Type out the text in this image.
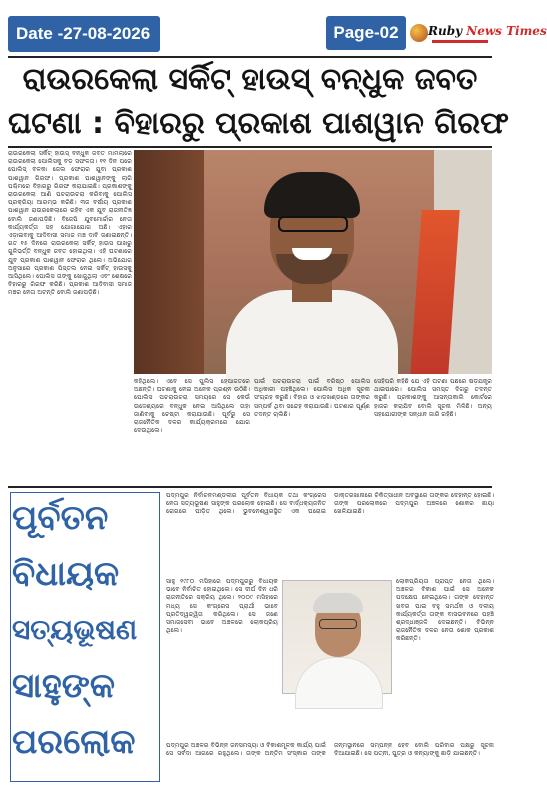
Date -27-08-2026	Page-02	Ruby News Times
ରାଉରକେଲା ସର୍କିଟ୍ ହାଉସ୍ ବନ୍ଧୁକ ଜବତ
ଘଟଣା : ବିହାରରୁ ପ୍ରକାଶ ପାଶୱାନ ଗିରଫ
ରାଉରକେଲା ସର୍କିଟ୍ ହାଉସ୍ ବନ୍ଧୁକ ଜବତ ମାମଲାରେ ରାଉରକେଲା ପୋଲିସକୁ ବଡ଼ ସଫଳତା। ୧୧ ଦିନ ପରେ ପୋଲିସ୍ ବଳକା ଜେଲ ଫେରାର ଯୁବା ପ୍ରକାଶ ପାଶୱାନ ଗିରଫ। ପ୍ରକାଶ ପାଶୱାନଙ୍କୁ ଲାଗି ପଶ୍ଚିମରେ ବିହାରରୁ ଗିରଫ କରାଯାଇଛି। ପ୍ରକାଶଙ୍କୁ ରାଉରକେଲା ଆଣି ପଚରାଉଚରା କରିବାକୁ ପୋଲିସ ପ୍ରକ୍ରିୟା ଆରମ୍ଭ କରିଛି। ୩ଜ ବର୍ଷୀୟ ପ୍ରକାଶ ପାଶୱାନ ରାଉରକେଲାରେ ରହିବ ଏକ ଯୁବ ରାଜନୀତିଜ୍ଞ ବୋଲି ଜଣାପଡ଼ିଛି। ବିଜେପି ଯୁବମୋର୍ଚ୍ଚାର ନେତା କାର୍ଯ୍ୟକର୍ତ୍ତା ସହ ଯୋଗାଯୋଗ ଅଛି। ଏହାର ଏଡ଼ାଇବାକୁ ଆଦିବାସୀ ସମାଜ ମଞ୍ଚ ଦାବି ଜଣାଇଛନ୍ତି। ଗତ ୧୫ ଦିନରେ ରାଉରକେଲା ସର୍କିଟ୍ ହାଉସ ପାଖରୁ ଗୁଳିଭର୍ତ୍ତି ବନ୍ଧୁକ ଜବତ ହୋଇଥିଲା। ଏହି ଘଟଣାରେ ଯୁବ ପ୍ରକାଶ ପାଶୱାନ ଫେରାର ଥିଲେ। ଅଭିଯୋଗ ଅନୁସାରେ ପ୍ରକାଶ ପିସ୍ତଲ ନେଇ ସର୍କିଟ୍ ହାଉସକୁ ଆସିଥିଲେ। ପୋଲିସ ତାଙ୍କୁ ଖୋଜୁଥିଲା ଏବଂ ଶେଷରେ ବିହାରରୁ ଗିରଫ କରିଛି। ପ୍ରକାଶ ଆଦିବାସୀ ସମାଜ ମଞ୍ଚର ନେତା ଅଟନ୍ତି ବୋଲି ଜଣାପଡ଼ିଛି।
କହିଥିଲେ। ଏବେ ସେ ପୁଲିସ ହେପାଜତରେ ଅଛନ୍ତି। ଘଟଣାକୁ ନେଇ ଅନେକ ପ୍ରଶ୍ନ ଉଠିଛି। ପୋଲିସ ପଚରାଉଚରା ସମୟରେ ସେ କେଉଁ ଉଦ୍ଦେଶ୍ୟରେ ବନ୍ଧୁକ ନେଇ ଆସିଥିଲେ ତାହା ଜାଣିବାକୁ ଚେଷ୍ଟା କରାଯାଉଛି। ପୂର୍ବରୁ ସେ ରାଜନୈତିକ ଦଳର କାର୍ଯ୍ୟକ୍ରମରେ ଯୋଗ ଦେଉଥିଲେ।
ପାଇଁ ପଚରାଉଚରା ପାଇଁ ବରିଷ୍ଠ ପୋଲିସ ଅଧିକାରୀ ପହଞ୍ଚିଥିଲେ। ପୋଲିସ ଅଧିକ ସୂଚନା ସଂଗ୍ରହ କରୁଛି। ବିହାର ଓ ଝାଡ଼ଖଣ୍ଡରେ ତାଙ୍କର ସମ୍ପର୍କ ଥିବା ସନ୍ଦେହ କରାଯାଉଛି। ଘଟଣାର ପୂର୍ଣ୍ଣ ତଦନ୍ତ ଚାଲିଛି।
ସେହିପରି କହିଛି ଯେ ଏହି ଘଟଣା ପଛରେ ଷଡ଼ଯନ୍ତ୍ର ଥାଇପାରେ। ପୋଲିସ ସମସ୍ତ ଦିଗରୁ ତଦନ୍ତ କରୁଛି। ପ୍ରକାଶଙ୍କୁ ଆସନ୍ତାକାଲି କୋର୍ଟରେ ହାଜର କରାଯିବ ବୋଲି ସୂଚନା ମିଳିଛି। ଅନ୍ୟ ସହଯୋଗୀଙ୍କ ସନ୍ଧାନ ଜାରି ରହିଛି।
ପୂର୍ବତନ
ବିଧାୟକ
ସତ୍ୟଭୂଷଣ
ସାହୁଙ୍କ
ପରଲୋକ
ପଦ୍ମପୁର ନିର୍ବାଚନମଣ୍ଡଳୀର ପୂର୍ବତନ ବିଧାୟକ ତଥା କଂଗ୍ରେସ ନେତା ସତ୍ୟଭୂଷଣ ସାହୁଙ୍କ ପରଲୋକ ହୋଇଛି। ସେ ବାର୍ଦ୍ଧକ୍ୟଜନିତ ରୋଗରେ ପୀଡ଼ିତ ଥିଲେ। ଭୁବନେଶ୍ୱରସ୍ଥିତ ଏକ ଘରୋଇ ଡାକ୍ତରଖାନାରେ ଚିକିତ୍ସାଧୀନ ଅବସ୍ଥାରେ ତାଙ୍କର ଦେହାନ୍ତ ହୋଇଛି। ତାଙ୍କ ପରଲୋକରେ ପଦ୍ମପୁର ଅଞ୍ଚଳରେ ଶୋକର ଛାୟା ଖେଳିଯାଇଛି।
ସାହୁ ୧୯୮୦ ମସିହାରେ ପଦ୍ମପୁରରୁ ବିଧାୟକ ଭାବେ ନିର୍ବାଚିତ ହୋଇଥିଲେ। ସେ ଦୀର୍ଘ ଦିନ ଧରି ରାଜନୀତିରେ ସକ୍ରିୟ ଥିଲେ। ୨୦୦୯ ମସିହାରେ ମଧ୍ୟ ସେ କଂଗ୍ରେସ ପ୍ରାର୍ଥୀ ଭାବେ ପ୍ରତିଦ୍ୱନ୍ଦ୍ୱିତା କରିଥିଲେ। ସେ ଜଣେ ସମାଜସେବୀ ଭାବେ ଅଞ୍ଚଳରେ ଲୋକପ୍ରିୟ ଥିଲେ।
ଲୋକପ୍ରିୟତା ପ୍ରାପ୍ତ ନେତା ଥିଲେ। ଅଞ୍ଚଳର ବିକାଶ ପାଇଁ ସେ ଅନେକ ପଦକ୍ଷେପ ନେଇଥିଲେ। ତାଙ୍କ ଦେହାନ୍ତ ଖବର ପାଇ ବହୁ ସମର୍ଥକ ଓ ଦଳୀୟ କାର୍ଯ୍ୟକର୍ତ୍ତା ତାଙ୍କ ବାସଭବନରେ ପହଞ୍ଚି ଶ୍ରଦ୍ଧାଞ୍ଜଳି ଦେଇଛନ୍ତି। ବିଭିନ୍ନ ରାଜନୈତିକ ଦଳର ନେତା ଶୋକ ପ୍ରକାଶ କରିଛନ୍ତି।
ପଦ୍ମପୁର ଅଞ୍ଚଳର ବିଭିନ୍ନ ଜନସମସ୍ୟା ଓ ବିକାଶମୂଳକ କାର୍ଯ୍ୟ ପାଇଁ ସେ ସର୍ବଦା ଆଗରେ ରହୁଥିଲେ। ତାଙ୍କ ଅନ୍ତିମ ସଂସ୍କାର ତାଙ୍କ ଜନ୍ମସ୍ଥାନରେ ସମ୍ପନ୍ନ ହେବ ବୋଲି ପରିବାର ପକ୍ଷରୁ ସୂଚନା ଦିଆଯାଇଛି। ସେ ପତ୍ନୀ, ପୁତ୍ର ଓ କନ୍ୟାଙ୍କୁ ଛାଡ଼ି ଯାଇଛନ୍ତି।
